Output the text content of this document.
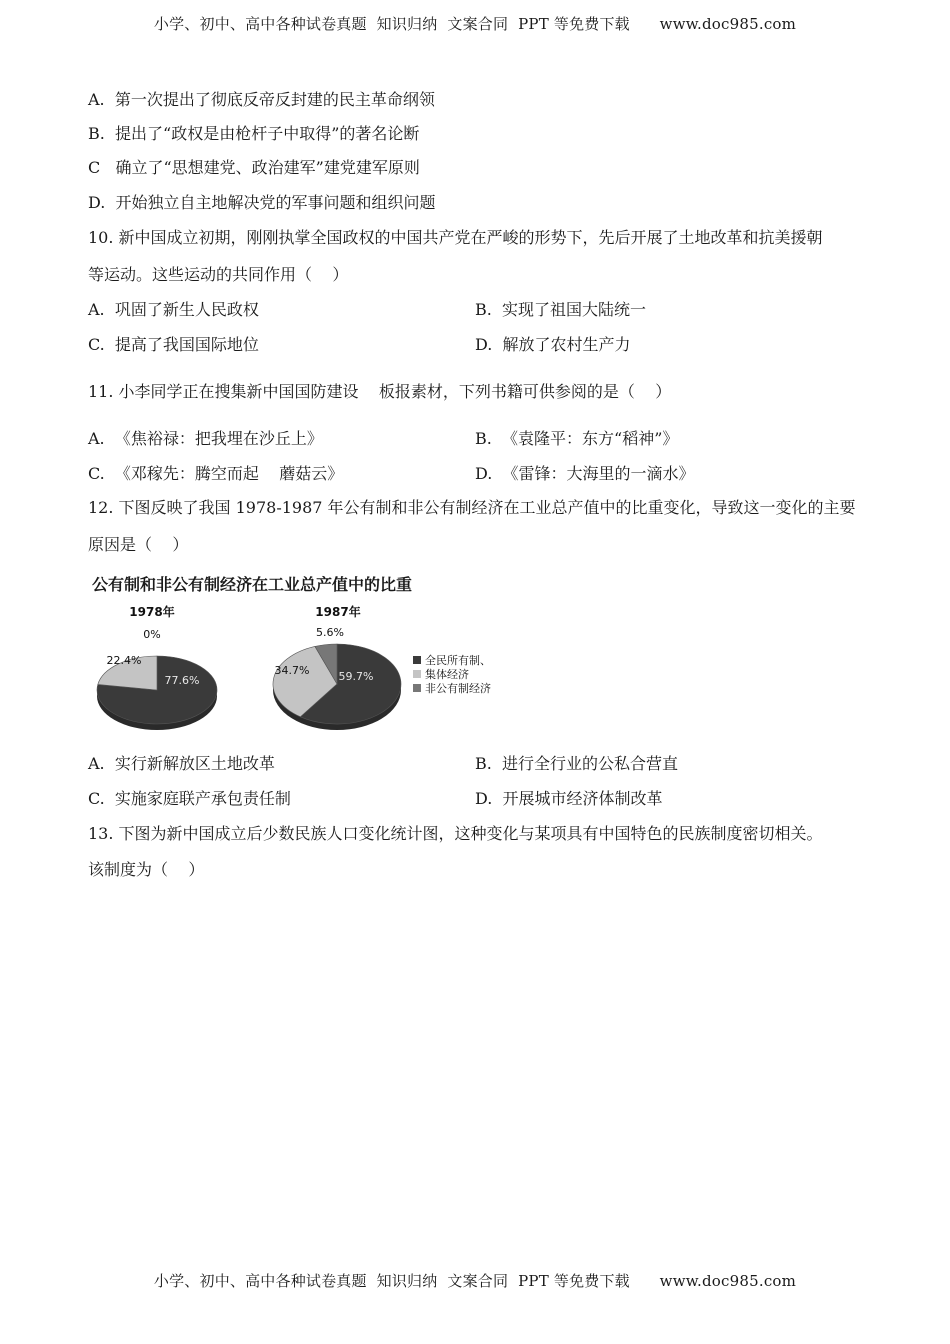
小学、初中、高中各种试卷真题  知识归纳  文案合同  PPT 等免费下载      www.doc985.com
A.  第一次提出了彻底反帝反封建的民主革命纲领
B.  提出了“政权是由枪杆子中取得”的著名论断
C   确立了“思想建党、政治建军”建党建军原则
D.  开始独立自主地解决党的军事问题和组织问题
10. 新中国成立初期，刚刚执掌全国政权的中国共产党在严峻的形势下，先后开展了土地改革和抗美援朝
等运动。这些运动的共同作用（    ）
A.  巩固了新生人民政权	B.  实现了祖国大陆统一
C.  提高了我国国际地位	D.  解放了农村生产力
11. 小李同学正在搜集新中国国防建设    板报素材，下列书籍可供参阅的是（    ）
A.  《焦裕禄：把我埋在沙丘上》	B.  《袁隆平：东方“稻神”》
C.  《邓稼先：腾空而起    蘑菇云》	D.  《雷锋：大海里的一滴水》
12. 下图反映了我国 1978-1987 年公有制和非公有制经济在工业总产值中的比重变化，导致这一变化的主要
原因是（    ）
公有制和非公有制经济在工业总产值中的比重
1978年
77.6%
22.4%
0%
1987年
59.7%
34.7%
5.6%
全民所有制、
集体经济
非公有制经济
A.  实行新解放区土地改革	B.  进行全行业的公私合营直
C.  实施家庭联产承包责任制	D.  开展城市经济体制改革
13. 下图为新中国成立后少数民族人口变化统计图，这种变化与某项具有中国特色的民族制度密切相关。
该制度为（    ）
小学、初中、高中各种试卷真题  知识归纳  文案合同  PPT 等免费下载      www.doc985.com
